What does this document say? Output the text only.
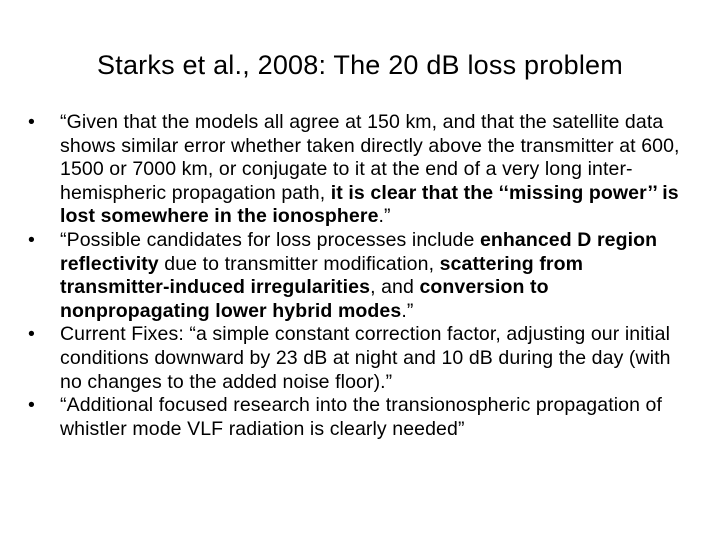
Starks et al., 2008: The 20 dB loss problem
•	“Given that the models all agree at 150 km, and that the satellite data shows similar error whether taken directly above the transmitter at 600, 1500 or 7000 km, or conjugate to it at the end of a very long inter-hemispheric propagation path, it is clear that the ‘‘missing power’’ is lost somewhere in the ionosphere.”
•	“Possible candidates for loss processes include enhanced D region reflectivity due to transmitter modification, scattering from transmitter-induced irregularities, and conversion to nonpropagating lower hybrid modes.”
•	Current Fixes: “a simple constant correction factor, adjusting our initial conditions downward by 23 dB at night and 10 dB during the day (with no changes to the added noise floor).”
•	“Additional focused research into the transionospheric propagation of whistler mode VLF radiation is clearly needed”
